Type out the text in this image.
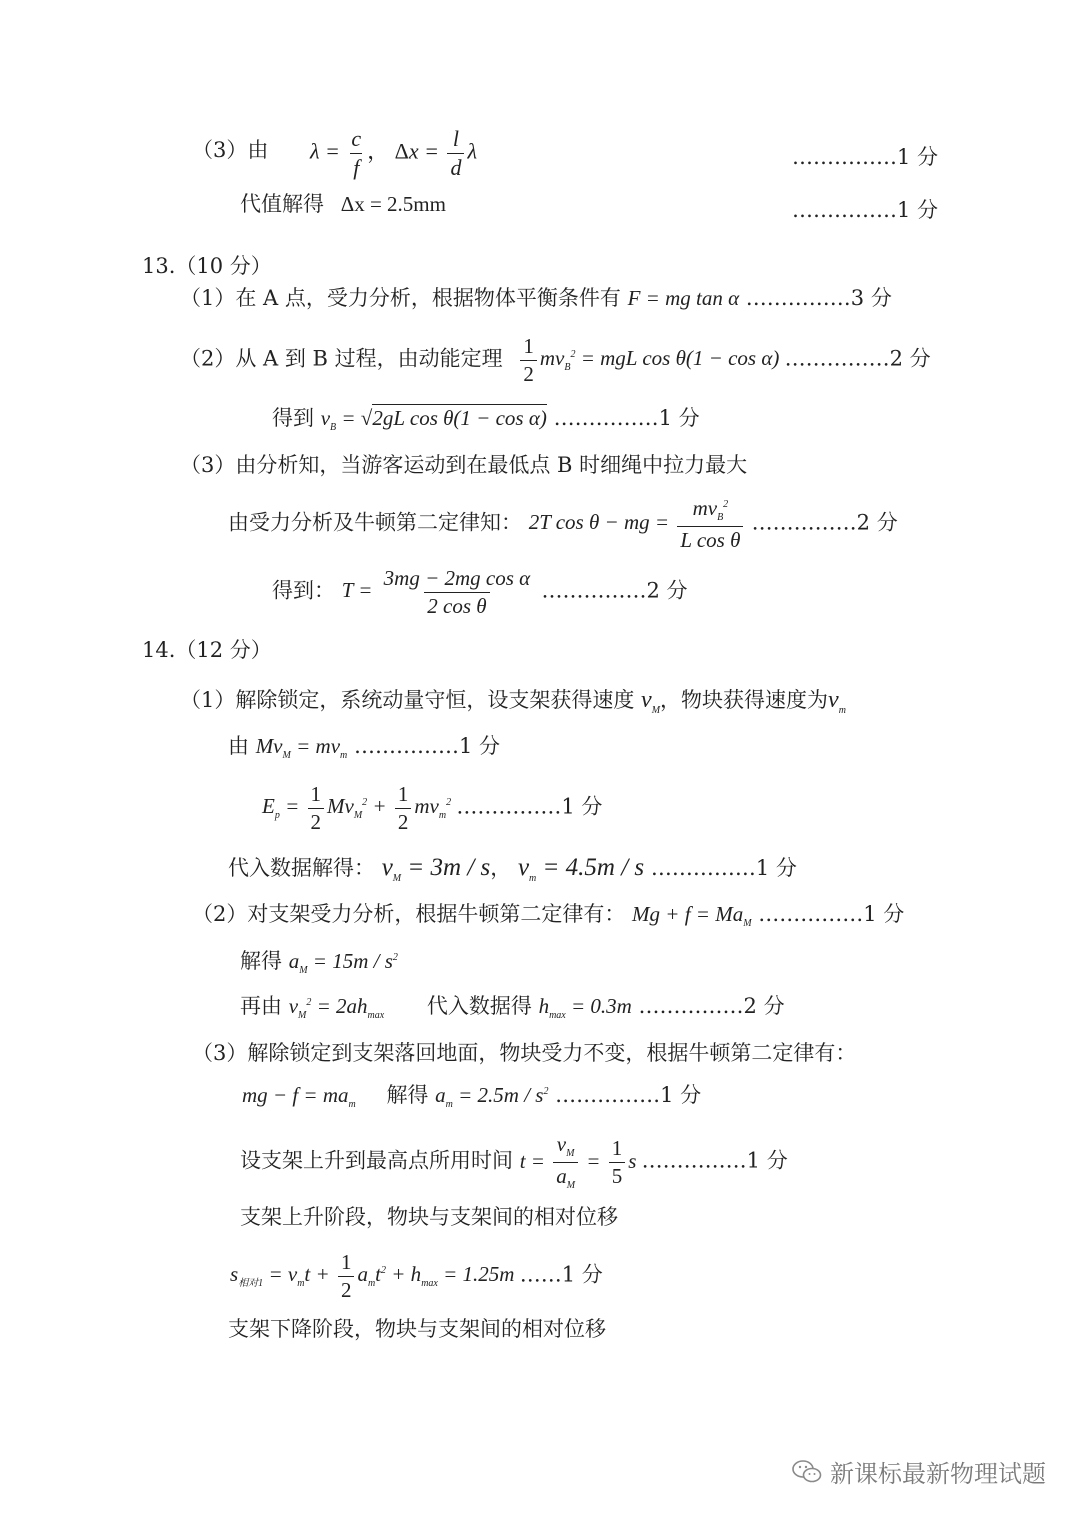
（3）由 $\lambda = \frac{c}{f}$ ， $\Delta x = \frac{l}{d}$ λ	……………1 分
代值解得 Δx = 2.5mm	……………1 分
13.（10 分）
（1）在 A 点，受力分析，根据物体平衡条件有 F = mg tan α ……………3 分
（2）从 A 到 B 过程，由动能定理 $\frac{1}{2} mv_B^2$ = mgL cos θ(1 − cos α) ……………2 分
得到 $v_B = √2gL$ cos θ(1 − cos α) ……………1 分
（3）由分析知，当游客运动到在最低点 B 时细绳中拉力最大
由受力分析及牛顿第二定律知： 2T cos θ − mg = $\frac{mv_B^2}{\text{L cos θ}}$ ……………2 分
得到： $T = \frac{\text{3mg − 2mg cos α}}{\text{2 cos θ}}$ ……………2 分
14.（12 分）
（1）解除锁定，系统动量守恒，设支架获得速度 $v_M$，物块获得速度为$v_m$
由 $Mv_M = mv_m$ ……………1 分
$E_p = \frac{1}{2} Mv_M^2 + \frac{1}{2} mv_m^2$ ……………1 分
代入数据解得： $v_M = 3m / s$， $v_m = 4.5m / s$ ……………1 分
（2）对支架受力分析，根据牛顿第二定律有： $Mg + f = Ma_M$ ……………1 分
解得 $a_M = 15m / s^2$
再由 $v_M^2 = 2ah_{max}$ 代入数据得 $h_{max} = 0.3m$ ……………2 分
（3）解除锁定到支架落回地面，物块受力不变，根据牛顿第二定律有：
mg − $f = ma_m$ 解得 $a_m = 2.5m / s^2$ ……………1 分
设支架上升到最高点所用时间 $t = \frac{v_M}{a_M} = \frac{1}{5}$ s ……………1 分
支架上升阶段，物块与支架间的相对位移
$s_{相对1} = v_mt + \frac{1}{2} a_mt^2 + h_{max} = 1.25m$ ……1 分
支架下降阶段，物块与支架间的相对位移
新课标最新物理试题
